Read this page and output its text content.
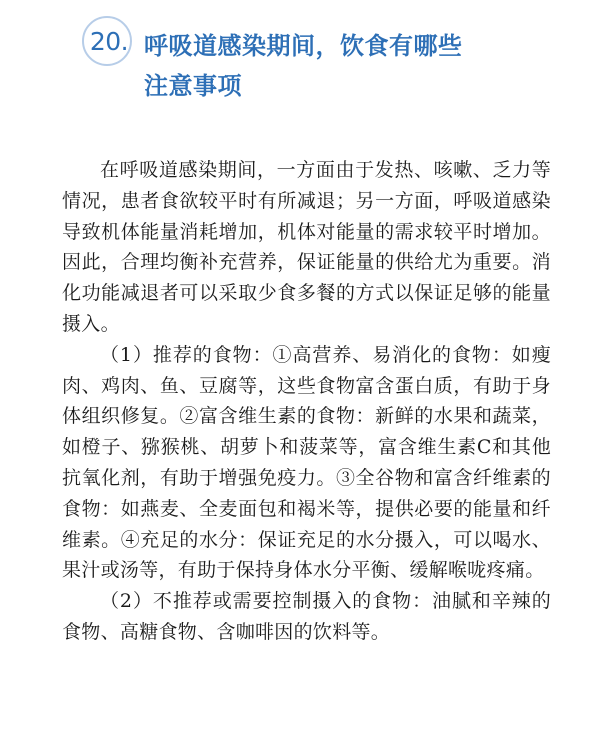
20. 呼吸道感染期间，饮食有哪些
注意事项

在呼吸道感染期间，一方面由于发热、咳嗽、乏力等情况，患者食欲较平时有所减退；另一方面，呼吸道感染导致机体能量消耗增加，机体对能量的需求较平时增加。因此，合理均衡补充营养，保证能量的供给尤为重要。消化功能减退者可以采取少食多餐的方式以保证足够的能量摄入。

（1）推荐的食物：①高营养、易消化的食物：如瘦肉、鸡肉、鱼、豆腐等，这些食物富含蛋白质，有助于身体组织修复。②富含维生素的食物：新鲜的水果和蔬菜，如橙子、猕猴桃、胡萝卜和菠菜等，富含维生素C和其他抗氧化剂，有助于增强免疫力。③全谷物和富含纤维素的食物：如燕麦、全麦面包和褐米等，提供必要的能量和纤维素。④充足的水分：保证充足的水分摄入，可以喝水、果汁或汤等，有助于保持身体水分平衡、缓解喉咙疼痛。

（2）不推荐或需要控制摄入的食物：油腻和辛辣的食物、高糖食物、含咖啡因的饮料等。
